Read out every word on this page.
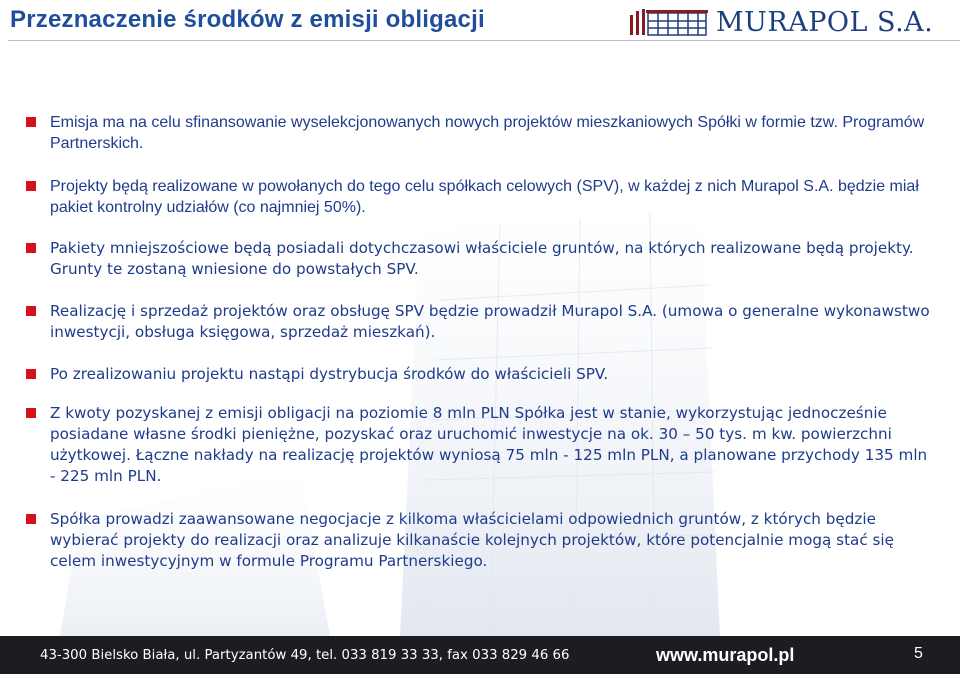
Przeznaczenie środków z emisji obligacji	MURAPOL S.A.
Emisja ma na celu sfinansowanie wyselekcjonowanych nowych projektów mieszkaniowych Spółki w formie tzw. Programów Partnerskich.
Projekty będą realizowane w powołanych do tego celu spółkach celowych (SPV), w każdej z nich Murapol S.A. będzie miał pakiet kontrolny udziałów (co najmniej 50%).
Pakiety mniejszościowe będą posiadali dotychczasowi właściciele gruntów, na których realizowane będą projekty. Grunty te zostaną wniesione do powstałych SPV.
Realizację i sprzedaż projektów oraz obsługę SPV będzie prowadził Murapol S.A. (umowa o generalne wykonawstwo inwestycji, obsługa księgowa, sprzedaż mieszkań).
Po zrealizowaniu projektu nastąpi dystrybucja środków do właścicieli SPV.
Z kwoty pozyskanej z emisji obligacji na poziomie 8 mln PLN Spółka jest w stanie, wykorzystując jednocześnie posiadane własne środki pieniężne, pozyskać oraz uruchomić inwestycje na ok. 30 – 50 tys. m kw. powierzchni użytkowej. Łączne nakłady na realizację projektów wyniosą 75 mln - 125 mln PLN, a planowane przychody 135 mln - 225 mln PLN.
Spółka prowadzi zaawansowane negocjacje z kilkoma właścicielami odpowiednich gruntów, z których będzie wybierać projekty do realizacji oraz analizuje kilkanaście kolejnych projektów, które potencjalnie mogą stać się celem inwestycyjnym w formule Programu Partnerskiego.
43-300 Bielsko Biała, ul. Partyzantów 49, tel. 033 819 33 33, fax 033 829 46 66	www.murapol.pl	5
